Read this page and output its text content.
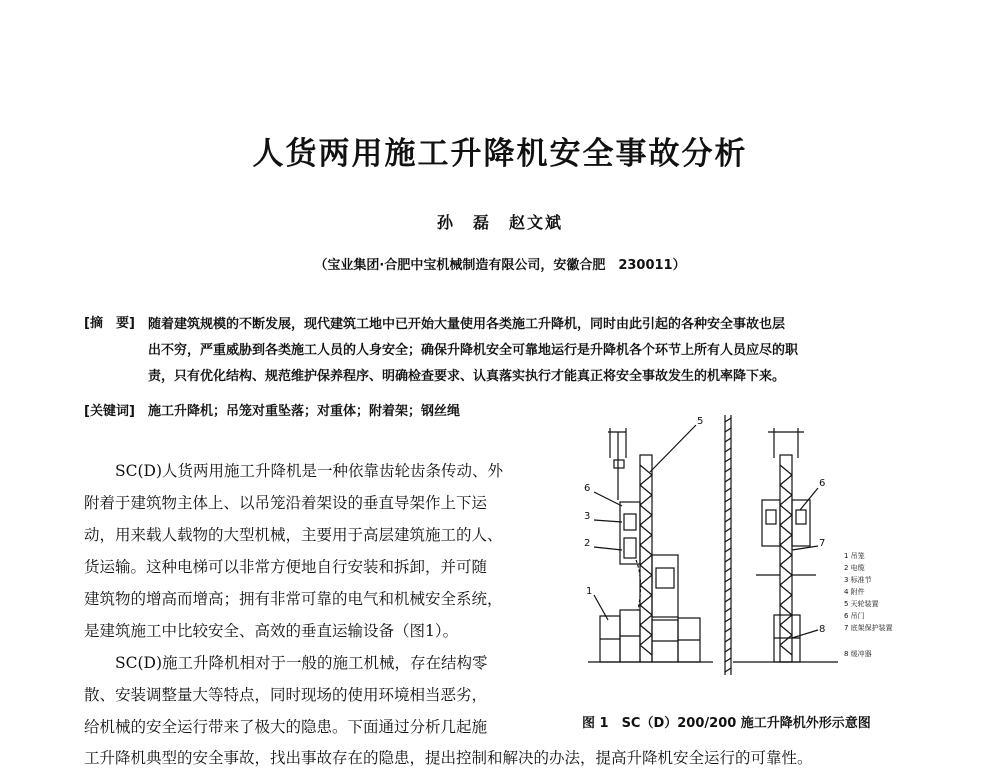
人货两用施工升降机安全事故分析
孙　磊　赵文斌
（宝业集团·合肥中宝机械制造有限公司，安徽合肥　230011）
[摘　要] 随着建筑规模的不断发展，现代建筑工地中已开始大量使用各类施工升降机，同时由此引起的各种安全事故也层
出不穷，严重威胁到各类施工人员的人身安全；确保升降机安全可靠地运行是升降机各个环节上所有人员应尽的职
责，只有优化结构、规范维护保养程序、明确检查要求、认真落实执行才能真正将安全事故发生的机率降下来。
[关键词] 施工升降机；吊笼对重坠落；对重体；附着架；钢丝绳
　　SC(D)人货两用施工升降机是一种依靠齿轮齿条传动、外
附着于建筑物主体上、以吊笼沿着架设的垂直导架作上下运
动，用来载人载物的大型机械，主要用于高层建筑施工的人、
货运输。这种电梯可以非常方便地自行安装和拆卸，并可随
建筑物的增高而增高；拥有非常可靠的电气和机械安全系统，
是建筑施工中比较安全、高效的垂直运输设备（图1）。
　　SC(D)施工升降机相对于一般的施工机械，存在结构零
散、安装调整量大等特点，同时现场的使用环境相当恶劣，
给机械的安全运行带来了极大的隐患。下面通过分析几起施
6
3
2
1
5
6
7
8
1 吊笼
2 电缆
3 标准节
4 附件
5 天轮装置
6 吊门
7 底架保护装置
8 缓冲器
图 1　SC（D）200/200 施工升降机外形示意图
工升降机典型的安全事故，找出事故存在的隐患，提出控制和解决的办法，提高升降机安全运行的可靠性。
